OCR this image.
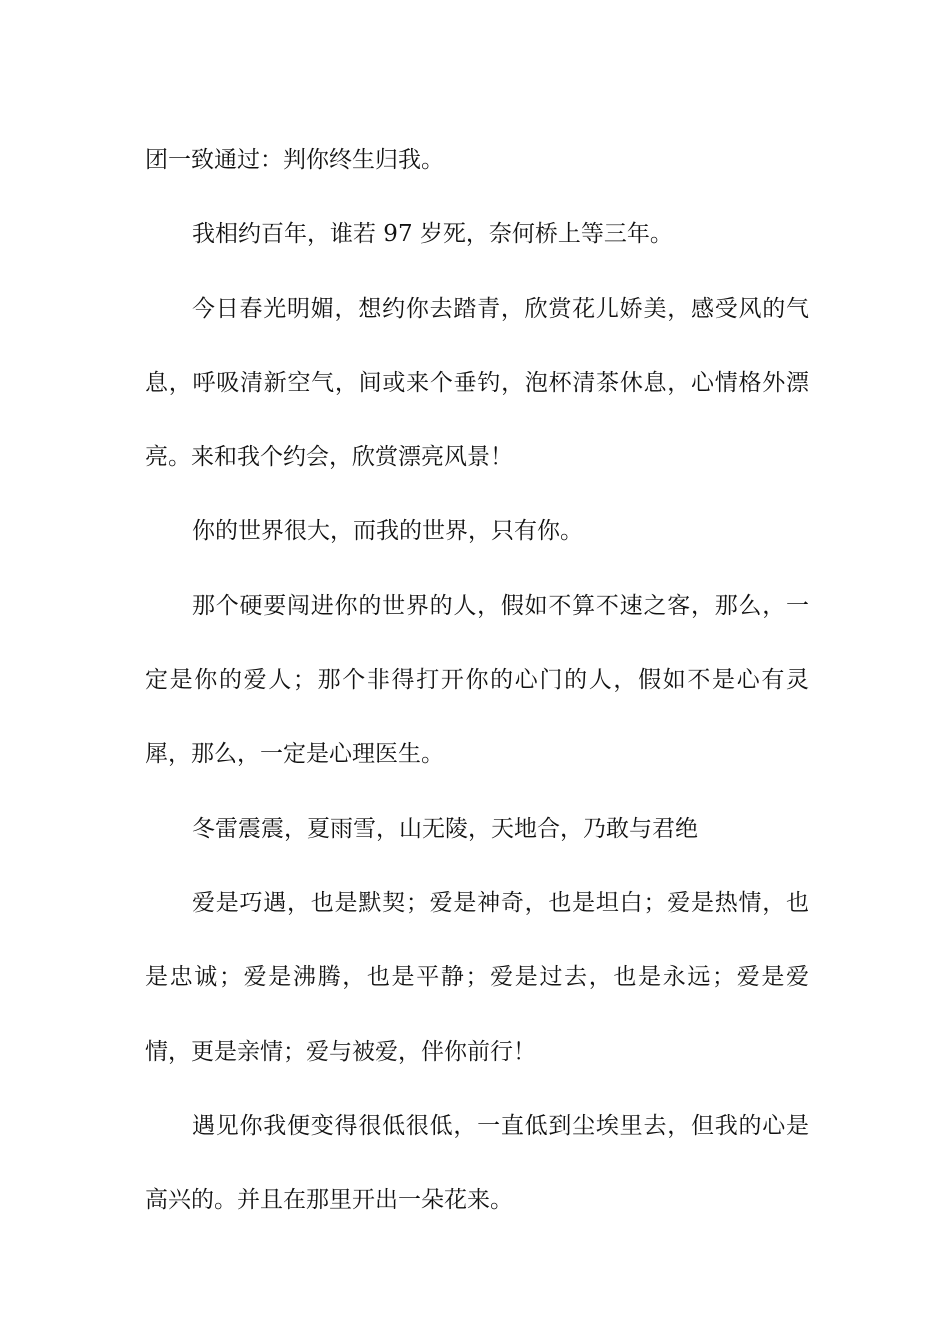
团一致通过：判你终生归我。

我相约百年，谁若 97 岁死，奈何桥上等三年。

今日春光明媚，想约你去踏青，欣赏花儿娇美，感受风的气息，呼吸清新空气，间或来个垂钓，泡杯清茶休息，心情格外漂亮。来和我个约会，欣赏漂亮风景！

你的世界很大，而我的世界，只有你。

那个硬要闯进你的世界的人，假如不算不速之客，那么，一定是你的爱人；那个非得打开你的心门的人，假如不是心有灵犀，那么，一定是心理医生。

冬雷震震，夏雨雪，山无陵，天地合，乃敢与君绝

爱是巧遇，也是默契；爱是神奇，也是坦白；爱是热情，也是忠诚；爱是沸腾，也是平静；爱是过去，也是永远；爱是爱情，更是亲情；爱与被爱，伴你前行！

遇见你我便变得很低很低，一直低到尘埃里去，但我的心是高兴的。并且在那里开出一朵花来。
